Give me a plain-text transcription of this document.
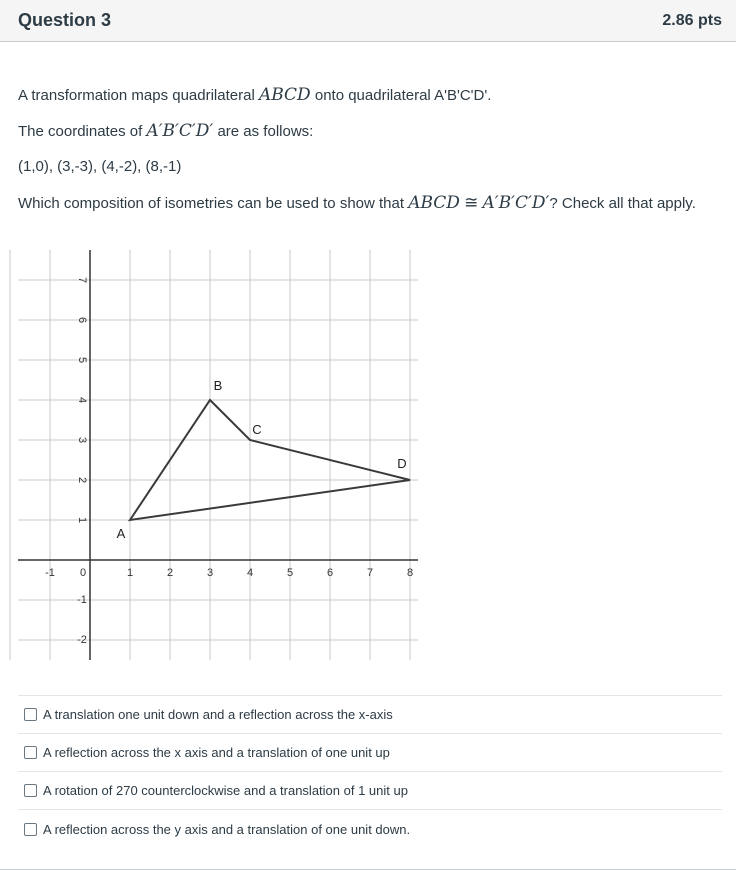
Question 3	2.86 pts

A transformation maps quadrilateral ABCD onto quadrilateral A'B'C'D'.

The coordinates of A′B′C′D′ are as follows:

(1,0), (3,-3), (4,-2), (8,-1)

Which composition of isometries can be used to show that ABCD ≅ A′B′C′D′? Check all that apply.

-1 0	1	2	3	4	5	6	7	8
1
2
3
4
5
6
7
-1
-2
A
B
C
D
A translation one unit down and a reflection across the x-axis
A reflection across the x axis and a translation of one unit up
A rotation of 270 counterclockwise and a translation of 1 unit up
A reflection across the y axis and a translation of one unit down.
